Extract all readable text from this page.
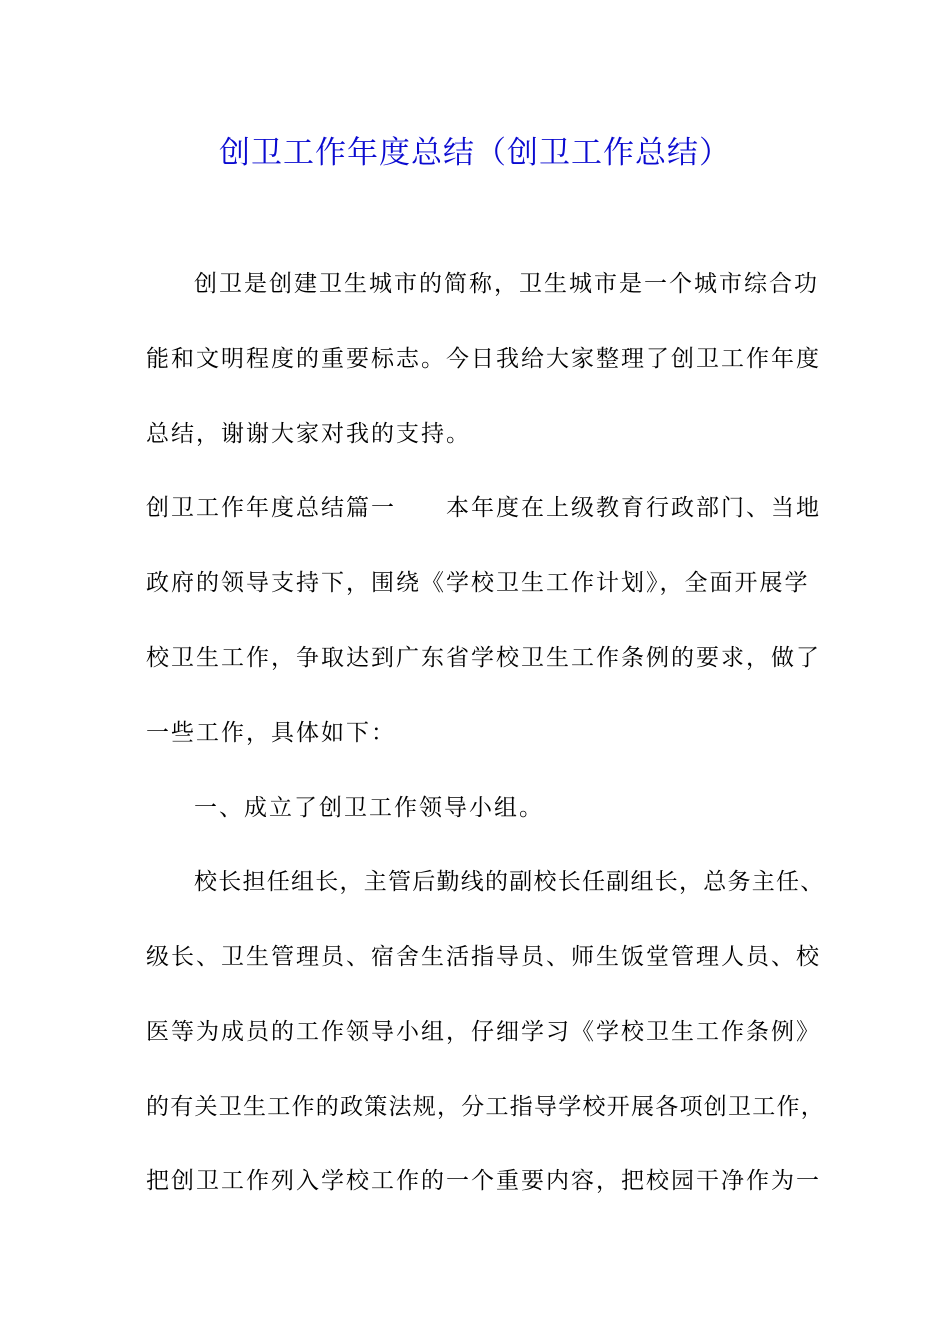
创卫工作年度总结（创卫工作总结）
创卫是创建卫生城市的简称，卫生城市是一个城市综合功
能和文明程度的重要标志。今日我给大家整理了创卫工作年度
总结，谢谢大家对我的支持。
创卫工作年度总结篇一　　本年度在上级教育行政部门、当地
政府的领导支持下，围绕《学校卫生工作计划》，全面开展学
校卫生工作，争取达到广东省学校卫生工作条例的要求，做了
一些工作，具体如下：
一、成立了创卫工作领导小组。
校长担任组长，主管后勤线的副校长任副组长，总务主任、
级长、卫生管理员、宿舍生活指导员、师生饭堂管理人员、校
医等为成员的工作领导小组，仔细学习《学校卫生工作条例》
的有关卫生工作的政策法规，分工指导学校开展各项创卫工作，
把创卫工作列入学校工作的一个重要内容，把校园干净作为一
